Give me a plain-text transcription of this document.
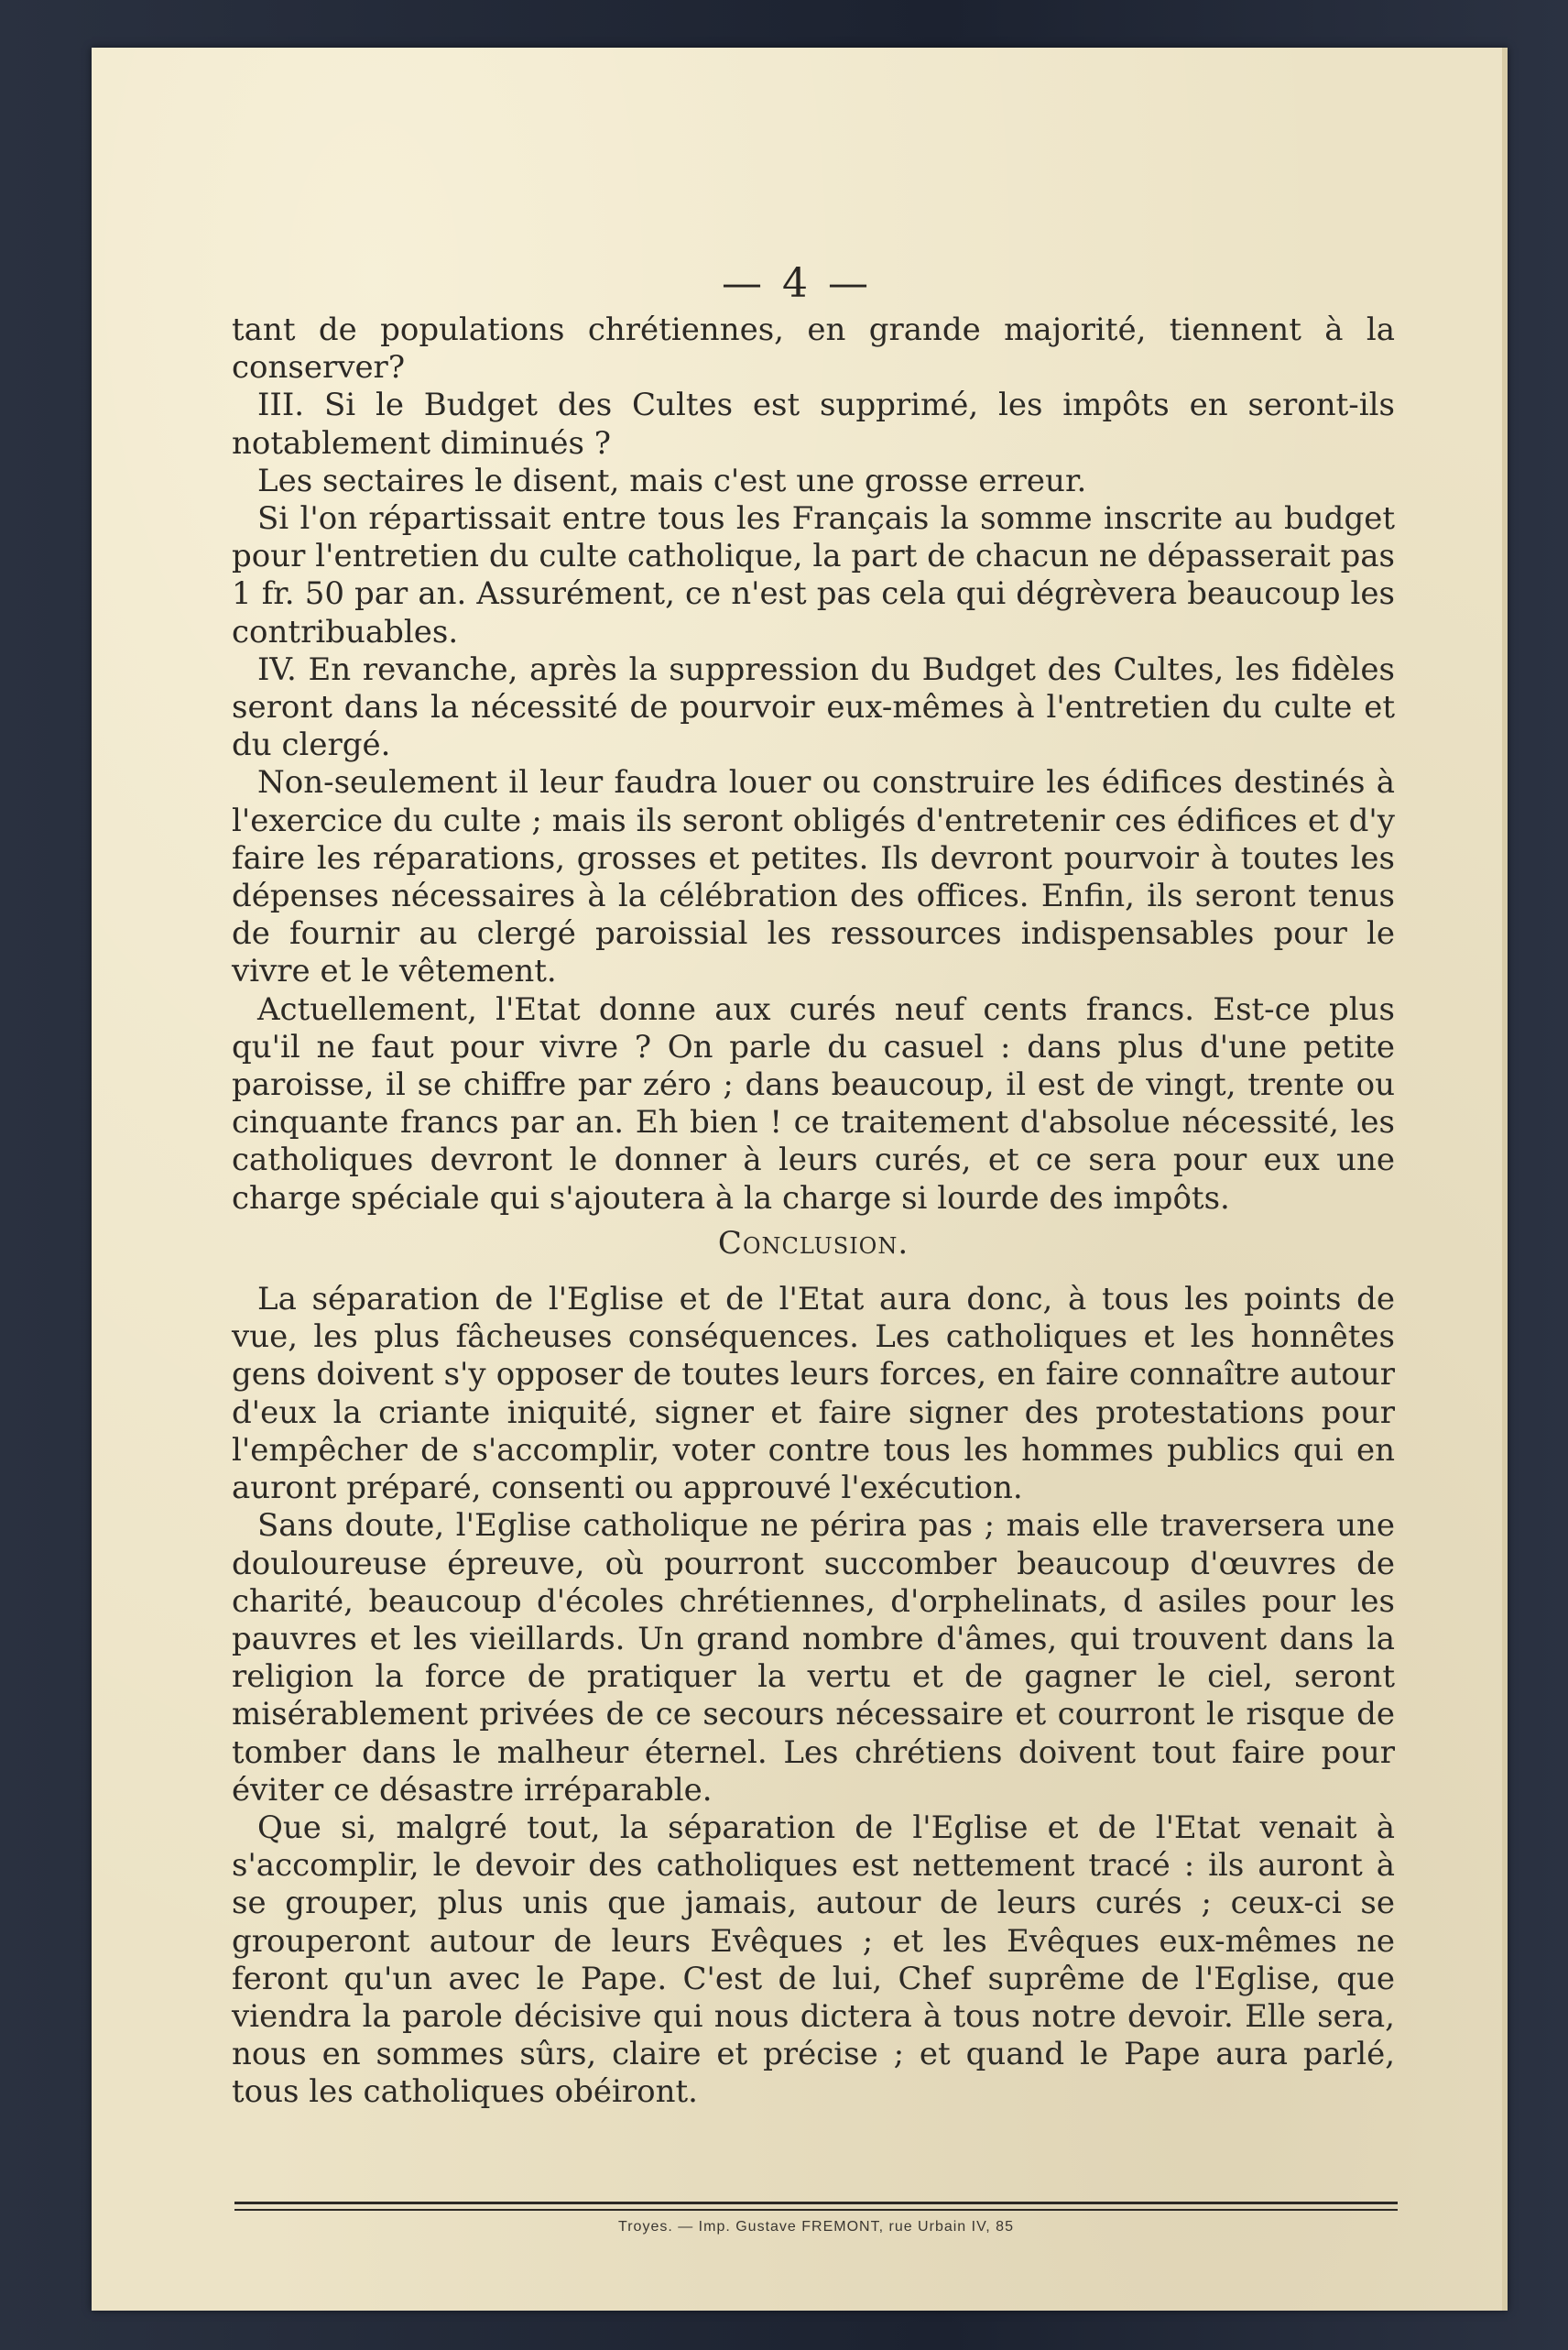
— 4 —

tant de populations chrétiennes, en grande majorité, tiennent à la conserver?

III. Si le Budget des Cultes est supprimé, les impôts en seront-ils notablement diminués ?

Les sectaires le disent, mais c'est une grosse erreur.

Si l'on répartissait entre tous les Français la somme inscrite au budget pour l'entretien du culte catholique, la part de chacun ne dépasserait pas 1 fr. 50 par an. Assurément, ce n'est pas cela qui dégrèvera beaucoup les contribuables.

IV. En revanche, après la suppression du Budget des Cultes, les fidèles seront dans la nécessité de pourvoir eux-mêmes à l'entretien du culte et du clergé.

Non-seulement il leur faudra louer ou construire les édifices destinés à l'exercice du culte ; mais ils seront obligés d'entretenir ces édifices et d'y faire les réparations, grosses et petites. Ils devront pourvoir à toutes les dépenses nécessaires à la célébration des offices. Enfin, ils seront tenus de fournir au clergé paroissial les ressources indispensables pour le vivre et le vêtement.

Actuellement, l'Etat donne aux curés neuf cents francs. Est-ce plus qu'il ne faut pour vivre ? On parle du casuel : dans plus d'une petite paroisse, il se chiffre par zéro ; dans beaucoup, il est de vingt, trente ou cinquante francs par an. Eh bien ! ce traitement d'absolue nécessité, les catholiques devront le donner à leurs curés, et ce sera pour eux une charge spéciale qui s'ajoutera à la charge si lourde des impôts.

Conclusion.

La séparation de l'Eglise et de l'Etat aura donc, à tous les points de vue, les plus fâcheuses conséquences. Les catholiques et les honnêtes gens doivent s'y opposer de toutes leurs forces, en faire connaître autour d'eux la criante iniquité, signer et faire signer des protestations pour l'empêcher de s'accomplir, voter contre tous les hommes publics qui en auront préparé, consenti ou approuvé l'exécution.

Sans doute, l'Eglise catholique ne périra pas ; mais elle traversera une douloureuse épreuve, où pourront succomber beaucoup d'œuvres de charité, beaucoup d'écoles chrétiennes, d'orphelinats, d asiles pour les pauvres et les vieillards. Un grand nombre d'âmes, qui trouvent dans la religion la force de pratiquer la vertu et de gagner le ciel, seront misérablement privées de ce secours nécessaire et courront le risque de tomber dans le malheur éternel. Les chrétiens doivent tout faire pour éviter ce désastre irréparable.

Que si, malgré tout, la séparation de l'Eglise et de l'Etat venait à s'accomplir, le devoir des catholiques est nettement tracé : ils auront à se grouper, plus unis que jamais, autour de leurs curés ; ceux-ci se grouperont autour de leurs Evêques ; et les Evêques eux-mêmes ne feront qu'un avec le Pape. C'est de lui, Chef suprême de l'Eglise, que viendra la parole décisive qui nous dictera à tous notre devoir. Elle sera, nous en sommes sûrs, claire et précise ; et quand le Pape aura parlé, tous les catholiques obéiront.

Troyes. — Imp. Gustave FREMONT, rue Urbain IV, 85
